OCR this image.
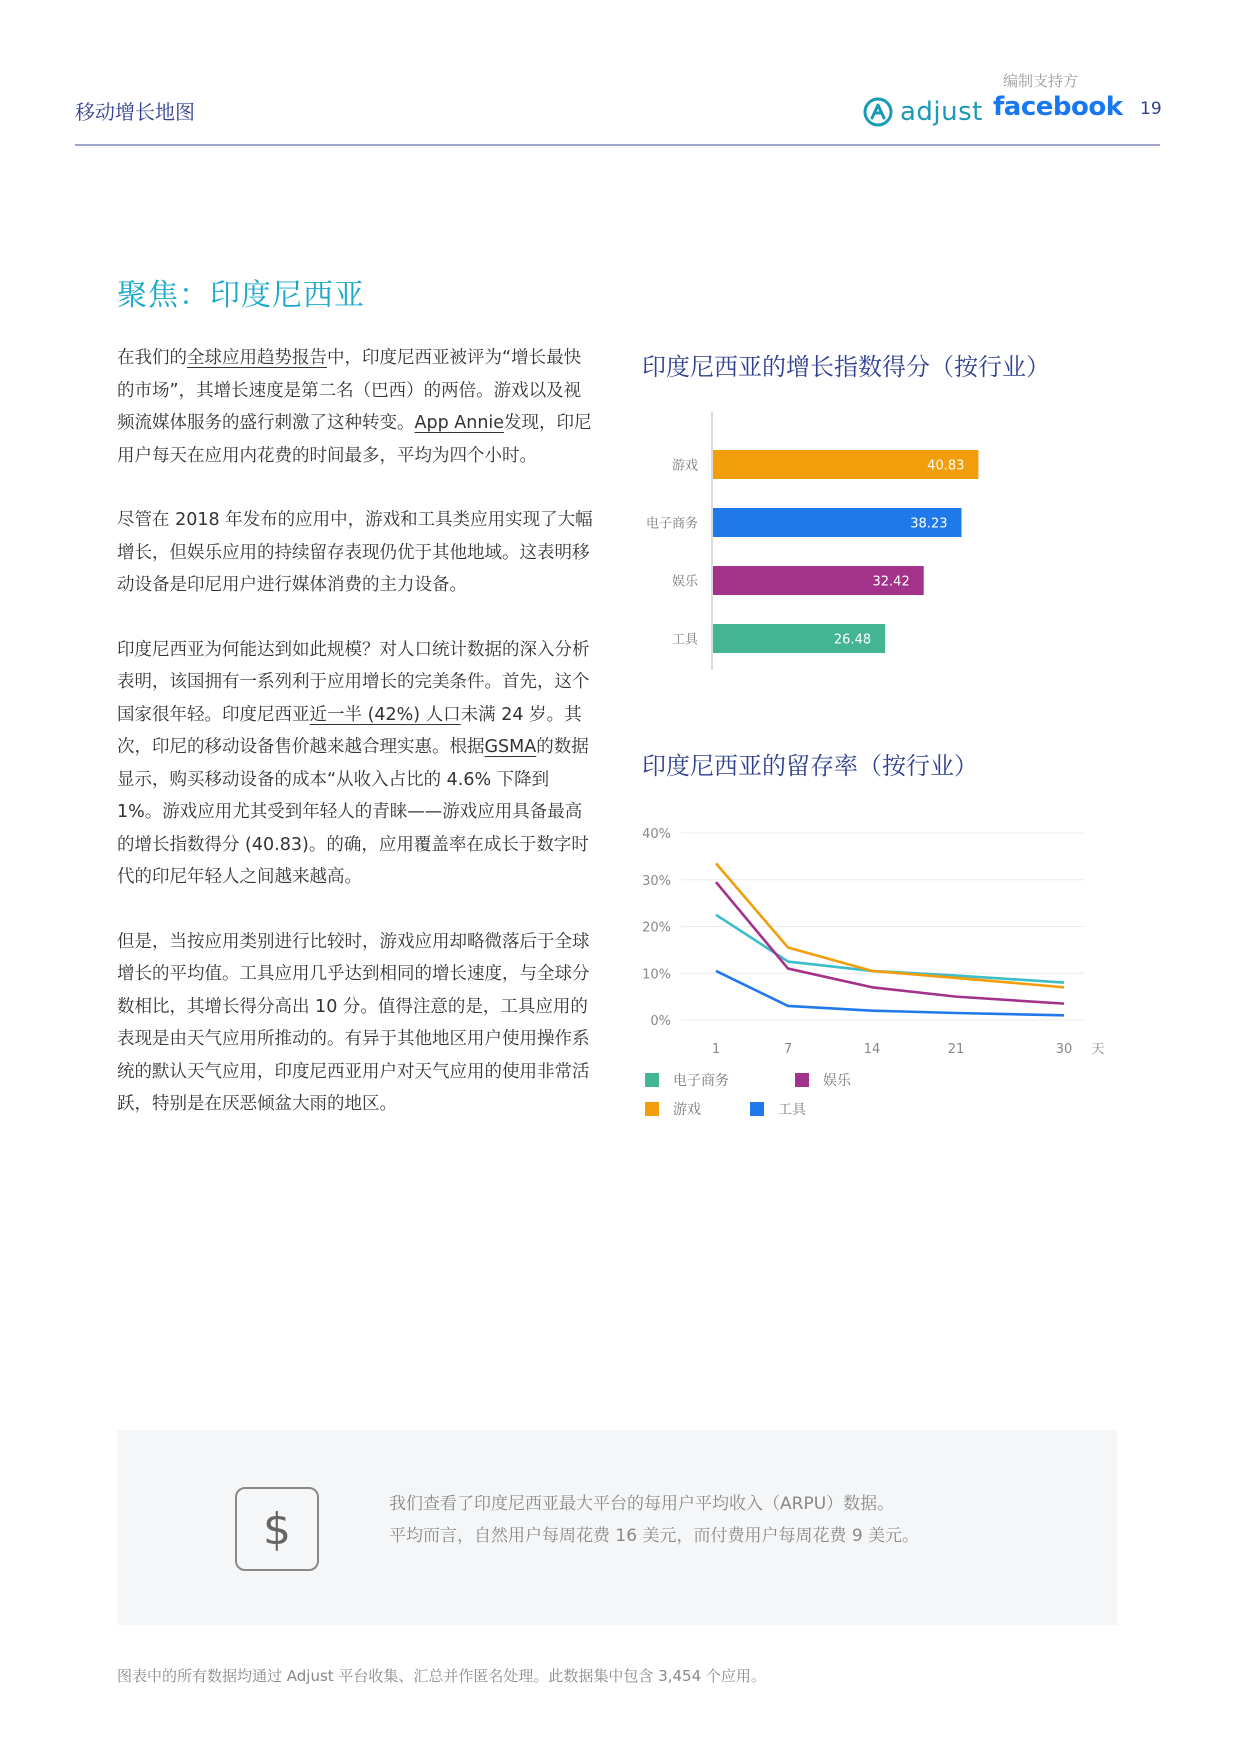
移动增长地图
编制支持方
adjust facebook 19
聚焦：印度尼西亚

在我们的全球应用趋势报告中，印度尼西亚被评为“增长最快的市场”，其增长速度是第二名（巴西）的两倍。游戏以及视频流媒体服务的盛行刺激了这种转变。App Annie发现，印尼用户每天在应用内花费的时间最多，平均为四个小时。

尽管在 2018 年发布的应用中，游戏和工具类应用实现了大幅增长，但娱乐应用的持续留存表现仍优于其他地域。这表明移动设备是印尼用户进行媒体消费的主力设备。

印度尼西亚为何能达到如此规模？对人口统计数据的深入分析表明，该国拥有一系列利于应用增长的完美条件。首先，这个国家很年轻。印度尼西亚近一半 (42%) 人口未满 24 岁。其次，印尼的移动设备售价越来越合理实惠。根据GSMA的数据显示，购买移动设备的成本“从收入占比的 4.6% 下降到 1%。游戏应用尤其受到年轻人的青睐——游戏应用具备最高的增长指数得分 (40.83)。的确，应用覆盖率在成长于数字时代的印尼年轻人之间越来越高。

但是，当按应用类别进行比较时，游戏应用却略微落后于全球增长的平均值。工具应用几乎达到相同的增长速度，与全球分数相比，其增长得分高出 10 分。值得注意的是，工具应用的表现是由天气应用所推动的。有异于其他地区用户使用操作系统的默认天气应用，印度尼西亚用户对天气应用的使用非常活跃，特别是在厌恶倾盆大雨的地区。

印度尼西亚的增长指数得分（按行业）
游戏	40.83
电子商务	38.23
娱乐	32.42
工具	26.48
印度尼西亚的留存率（按行业）
40%
30%
20%
10%
0%
1	7	14	21	30 天
电子商务	娱乐
游戏	工具
$	我们查看了印度尼西亚最大平台的每用户平均收入（ARPU）数据。
平均而言，自然用户每周花费 16 美元，而付费用户每周花费 9 美元。
图表中的所有数据均通过 Adjust 平台收集、汇总并作匿名处理。此数据集中包含 3,454 个应用。
